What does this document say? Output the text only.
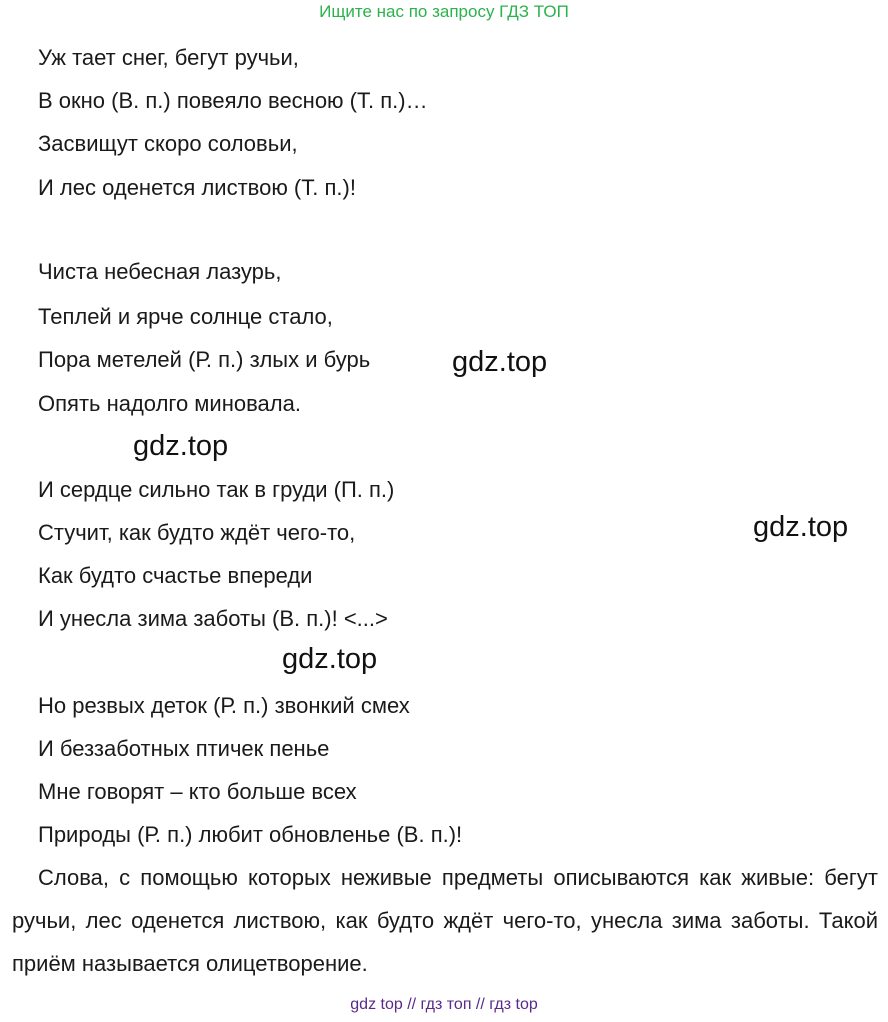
Ищите нас по запросу ГДЗ ТОП
Уж тает снег, бегут ручьи,
В окно (В. п.) повеяло весною (Т. п.)…
Засвищут скоро соловьи,
И лес оденется листвою (Т. п.)!
Чиста небесная лазурь,
Теплей и ярче солнце стало,
Пора метелей (Р. п.) злых и бурь
Опять надолго миновала.
И сердце сильно так в груди (П. п.)
Стучит, как будто ждёт чего-то,
Как будто счастье впереди
И унесла зима заботы (В. п.)! <...>
Но резвых деток (Р. п.) звонкий смех
И беззаботных птичек пенье
Мне говорят – кто больше всех
Природы (Р. п.) любит обновленье (В. п.)!
Слова, с помощью которых неживые предметы описываются как живые: бегут ручьи, лес оденется листвою, как будто ждёт чего-то, унесла зима заботы. Такой приём называется олицетворение.
gdz.top
gdz.top
gdz.top
gdz.top
gdz top // гдз топ // гдз top
